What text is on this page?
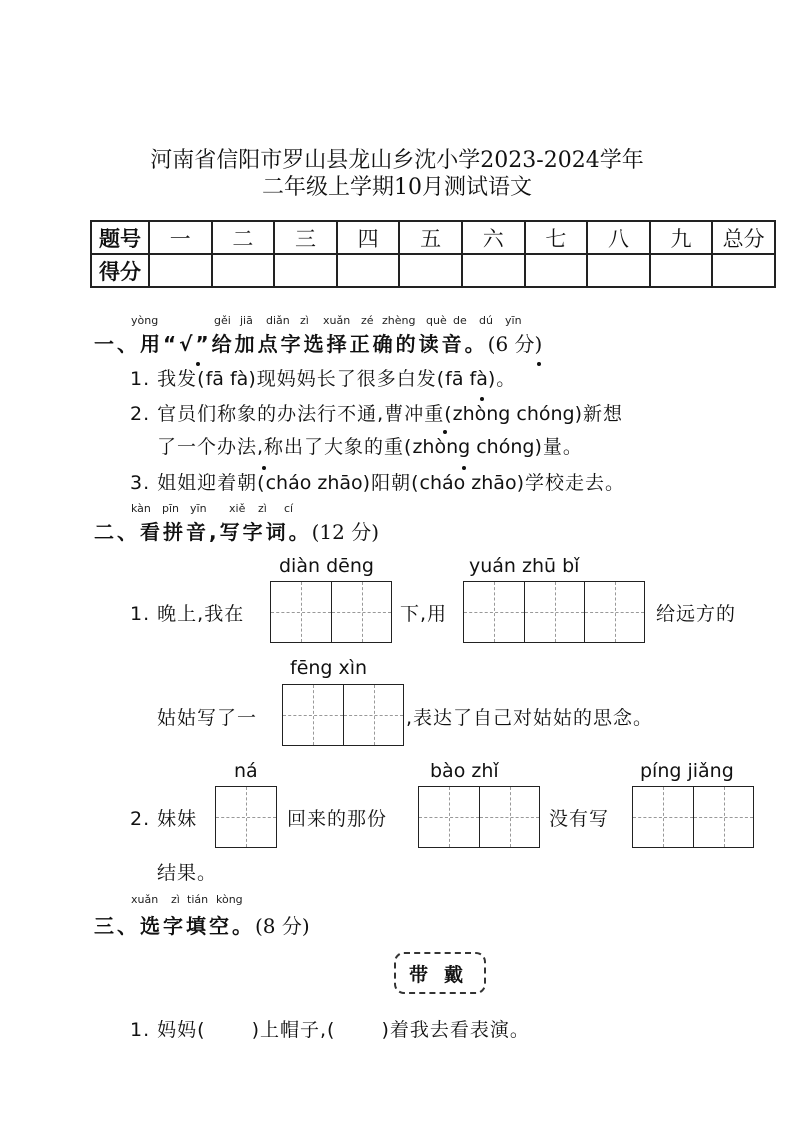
河南省信阳市罗山县龙山乡沈小学2023-2024学年
二年级上学期10月测试语文
题号	一	二	三	四	五	六	七	八	九	总分
得分										
yòng	gěi jiā diǎn zì xuǎn zé zhèng què de dú yīn
一、用“√”给加点字选择正确的读音。(6 分)
1. 我发(fā fà)现妈妈长了很多白发(fā fà)。
2. 官员们称象的办法行不通,曹冲重(zhòng chóng)新想
了一个办法,称出了大象的重(zhòng chóng)量。
3. 姐姐迎着朝(cháo zhāo)阳朝(cháo zhāo)学校走去。
kàn pīn yīn xiě zì cí
二、看拼音,写字词。(12 分)
diàn dēng	yuán zhū bǐ
1. 晚上,我在	下,用	给远方的
fēng xìn
姑姑写了一	,表达了自己对姑姑的思念。
ná	bào zhǐ	píng jiǎng
2. 妹妹	回来的那份	没有写
结果。
xuǎn zì tián kòng
三、选字填空。(8 分)
带戴
1. 妈妈( )上帽子,( )着我去看表演。
